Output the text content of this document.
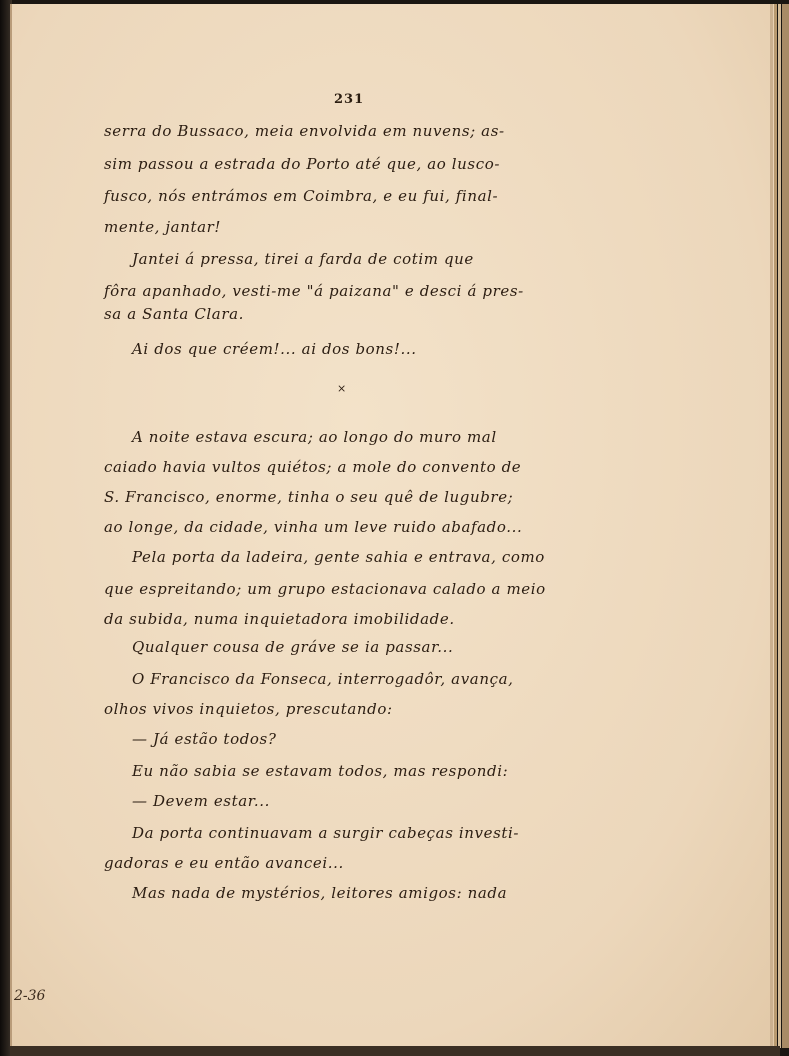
231
serra do Bussaco, meia envolvida em nuvens; as-
sim passou a estrada do Porto até que, ao lusco-
fusco, nós entrámos em Coimbra, e eu fui, final-
mente, jantar!
Jantei á pressa, tirei a farda de cotim que
fôra apanhado, vesti-me "á paizana" e desci á pres-
sa a Santa Clara.
Ai dos que créem!... ai dos bons!...
×
A noite estava escura; ao longo do muro mal
caiado havia vultos quiétos; a mole do convento de
S. Francisco, enorme, tinha o seu quê de lugubre;
ao longe, da cidade, vinha um leve ruido abafado...
Pela porta da ladeira, gente sahia e entrava, como
que espreitando; um grupo estacionava calado a meio
da subida, numa inquietadora imobilidade.
Qualquer cousa de gráve se ia passar...
O Francisco da Fonseca, interrogadôr, avança,
olhos vivos inquietos, prescutando:
— Já estão todos?
Eu não sabia se estavam todos, mas respondi:
— Devem estar...
Da porta continuavam a surgir cabeças investi-
gadoras e eu então avancei...
Mas nada de mystérios, leitores amigos: nada
2-36
